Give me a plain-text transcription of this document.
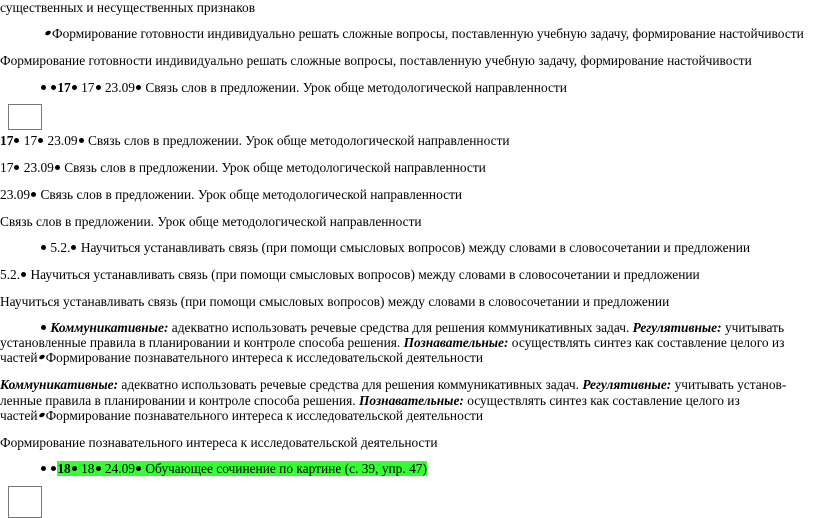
существенных и несущественных признаков
Формирование готовности индивидуально решать сложные вопросы, поставленную учебную задачу, формирование настойчивости
Формирование готовности индивидуально решать сложные вопросы, поставленную учебную задачу, формирование настойчивости
17 17 23.09 Связь слов в предложении. Урок обще методологической направленности
17 17 23.09 Связь слов в предложении. Урок обще методологической направленности
17 23.09 Связь слов в предложении. Урок обще методологической направленности
23.09 Связь слов в предложении. Урок обще методологической направленности
Связь слов в предложении. Урок обще методологической направленности
5.2. Научиться устанавливать связь (при помощи смысловых вопросов) между словами в словосочетании и предложении
5.2. Научиться устанавливать связь (при помощи смысловых вопросов) между словами в словосочетании и предложении
Научиться устанавливать связь (при помощи смысловых вопросов) между словами в словосочетании и предложении
Коммуникативные: адекватно использовать речевые средства для решения коммуникативных задач. Регулятивные: учитывать
установленные правила в планировании и контроле способа решения. Познавательные: осуществлять синтез как составление целого из
частей Формирование познавательного интереса к исследовательской деятельности
Коммуникативные: адекватно использовать речевые средства для решения коммуникативных задач. Регулятивные: учитывать установ-
ленные правила в планировании и контроле способа решения. Познавательные: осуществлять синтез как составление целого из
частей Формирование познавательного интереса к исследовательской деятельности
Формирование познавательного интереса к исследовательской деятельности
18 18 24.09 Обучающее сочинение по картине (с. 39, упр. 47)
